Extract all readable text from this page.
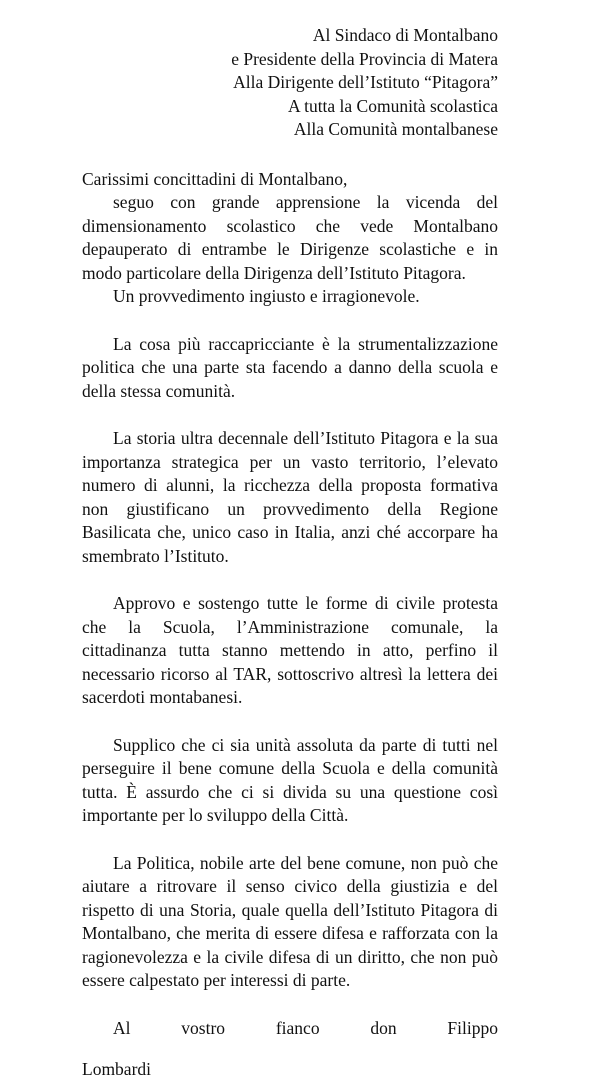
Al Sindaco di Montalbano
e Presidente della Provincia di Matera
Alla Dirigente dell’Istituto “Pitagora”
A tutta la Comunità scolastica
Alla Comunità montalbanese

Carissimi concittadini di Montalbano,

seguo con grande apprensione la vicenda del dimensionamento scolastico che vede Montalbano depauperato di entrambe le Dirigenze scolastiche e in modo particolare della Dirigenza dell’Istituto Pitagora.

Un provvedimento ingiusto e irragionevole.

La cosa più raccapricciante è la strumentalizzazione politica che una parte sta facendo a danno della scuola e della stessa comunità.

La storia ultra decennale dell’Istituto Pitagora e la sua importanza strategica per un vasto territorio, l’elevato numero di alunni, la ricchezza della proposta formativa non giustificano un provvedimento della Regione Basilicata che, unico caso in Italia, anzi ché accorpare ha smembrato l’Istituto.

Approvo e sostengo tutte le forme di civile protesta che la Scuola, l’Amministrazione comunale, la cittadinanza tutta stanno mettendo in atto, perfino il necessario ricorso al TAR, sottoscrivo altresì la lettera dei sacerdoti montabanesi.

Supplico che ci sia unità assoluta da parte di tutti nel perseguire il bene comune della Scuola e della comunità tutta. È assurdo che ci si divida su una questione così importante per lo sviluppo della Città.

La Politica, nobile arte del bene comune, non può che aiutare a ritrovare il senso civico della giustizia e del rispetto di una Storia, quale quella dell’Istituto Pitagora di Montalbano, che merita di essere difesa e rafforzata con la ragionevolezza e la civile difesa di un diritto, che non può essere calpestato per interessi di parte.

Al vostro fianco don Filippo

Lombardi
